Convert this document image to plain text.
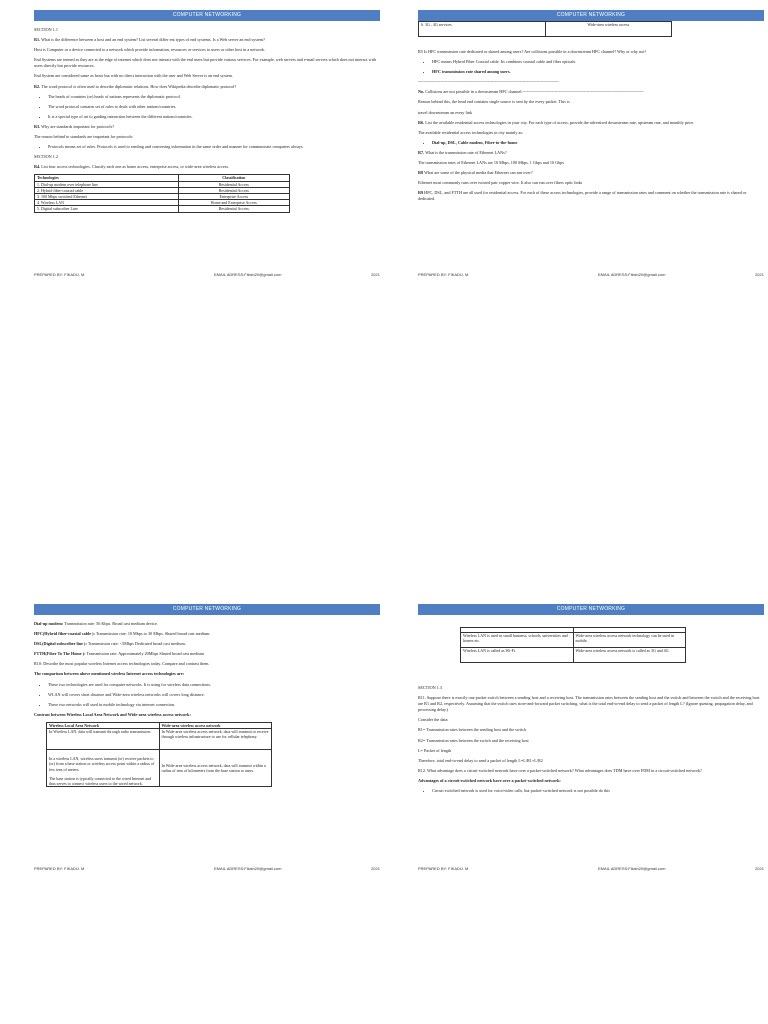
COMPUTER NETWORKING

SECTION 1.1

R1. What is the difference between a host and an end system? List several differ ent types of end systems. Is a Web server an end system?

Host is Computer or a device connected to a network which provide information, resources or services to users or other host in a network.

End Systems are termed as they are at the edge of internet which does not interact with the end users but provide various services. For example, web servers and e-mail servers which does not interact with users directly but provide resources.

End System are considered same as hosts but with no direct interaction with the user and Web Server is an end system.

R2. The word protocol is often used to describe diplomatic relations. How does Wikipedia describe diplomatic protocol?

• The heads of countries (or) heads of nations represents the diplomatic protocol.
• The word protocol contains set of rules to deals with other nations/countries.
• It is a special type of art to guiding interaction between the different nations/countries.

R3. Why are standards important for protocols?

The reason behind to standards are important for protocols:

• Protocols means set of rules. Protocols is used to sending and conversing information in the same order and manner for communicate computers always.

SECTION 1.2

R4. List four access technologies. Classify each one as home access, enterprise access, or wide-area wireless access.

Technologies	Classification
1. Dial-up modem over telephone line	Residential Access
2. Hybrid fiber-coaxial cable	Residential Access
3. 100 Mbps switched Ethernet	Enterprise Access
4. Wireless LAN	Home and Enterprise Access
5. Digital subscriber Line	Residential Access
PREPARED BY: FIKADU. M	EMAIL ADRESS:Fikish20@gmail.com	2021
COMPUTER NETWORKING
6. 3G , 4G services	Wide-area wireless access

R5 Is HFC transmission rate dedicated or shared among users? Are collisions possible in a downstream HFC channel? Why or why not?

• HFC means Hybrid Fiber Coaxial cable. Its combines coaxial cable and fiber opticals.
• HFC transmission rate shared among users.

-----------------------------------------------------------------------------------------------------

No. Collisions are not possible in a downstream HFC channel.---------------------------------------------------------------------------------------

Reason behind this, the head end contains single source is sent by the every packet. This is

travel downstream an every link

R6. List the available residential access technologies in your city. For each type of access, provide the advertised downstream rate, upstream rate, and monthly price.

The available residential access technologies in city mainly as:

• Dial-up, DSL, Cable modem, Fiber-to-the-home

R7. What is the transmission rate of Ethernet LANs?

The transmission rates of Ethernet LANs are 10 Mbps, 100 Mbps, 1 Gbps and 10 Gbps

R8 What are some of the physical media that Ethernet can run over?

Ethernet most commonly runs over twisted pair copper wire. It also can run over fibers optic links

R9 HFC, DSL, and FTTH are all used for residential access. For each of these access technologies, provide a range of transmission rates and comment on whether the transmission rate is shared or dedicated.

PREPARED BY: FIKADU. M	EMAIL ADRESS:Fikish20@gmail.com	2021
COMPUTER NETWORKING

Dial-up modem: Transmission rate: 56 Kbps. Broad cast medium device.

HFC(Hybrid fiber-coaxial cable ): Transmission rate: 10 Mbps to 30 Mbps. Shared broad cast medium.

DSL(Digital subscriber line ): Transmission rate: <5Mbps Dedicated broad cast medium.

FTTH(Fiber To The Home ): Transmission rate: Approximately 20Mbps Shared broad cast medium

R10: Describe the most popular wireless Internet access technologies today. Compare and contrast them.

The comparison between above mentioned wireless Internet access technologies are:

• These two technologies are used for computer networks. It is using for wireless data connections.
• WLAN will covers short distance and Wide-area wireless networks will covers long distance.
• These two networks will used in mobile technology via internet connection.

Contrast between Wireless Local Area Network and Wide-area wireless access network:

Wireless Local Area Network	Wide-area wireless access network
In Wireless LAN, data will transmit through radio transmission.	In Wide-area wireless access network, data will transmit or receive through wireless infrastructure to use for cellular telephony.

In a wireless LAN, wireless users transmit (or) receive packets to (or) from a base station or wireless access point within a radius of few tens of meters.
The base station is typically connected to the wired Internet and thus serves to connect wireless users to the wired network.	In Wide-area wireless access network, data will transmit within a radius of tens of kilometers from the base station to users.
PREPARED BY: FIKADU. M	EMAIL ADRESS:Fikish20@gmail.com	2021
COMPUTER NETWORKING

Wireless LAN is used in small business, schools, universities and homes etc.	Wide-area wireless access network technology can be used in mobile.
Wireless LAN is called as Wi-Fi.	Wide-area wireless access network is called as 3G and 4G.

SECTION 1.3

R11. Suppose there is exactly one packet switch between a sending host and a receiving host. The transmission rates between the sending host and the switch and between the switch and the receiving host are R1 and R2, respectively. Assuming that the switch uses store-and-forward packet switching, what is the total end-to-end delay to send a packet of length L? (Ignore queuing, propagation delay, and processing delay.)

Consider the data:

R1= Transmission rates between the sending host and the switch

R2= Transmission rates between the switch and the receiving host

L= Packet of length

Therefore, total end-to-end delay to send a packet of length L=L/R1+L/R2

R12. What advantage does a circuit-switched network have over a packet-switched network? What advantages does TDM have over FDM in a circuit-switched network?

Advantages of a circuit-switched network have over a packet-switched network:

• Circuit switched network is used for voice/video calls, but packet-switched network is not possible do this
PREPARED BY: FIKADU. M	EMAIL ADRESS:Fikish20@gmail.com	2021
